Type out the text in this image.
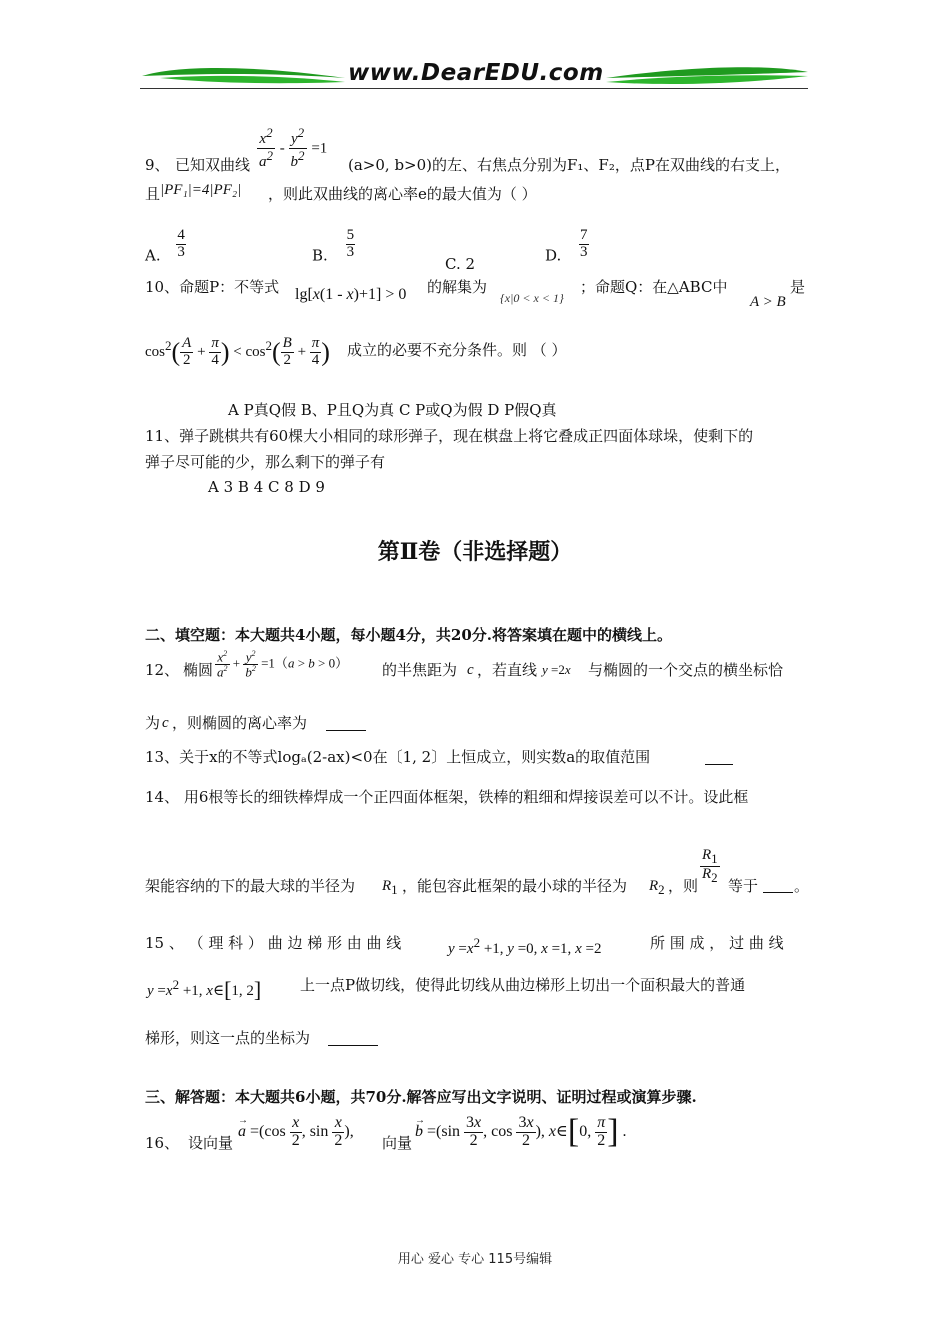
www.DearEDU.com
9、 已知双曲线 $\frac{x^2}{a^2} - \frac{y^2}{b^2} =1$
(a>0, b>0)的左、右焦点分别为F₁、F₂，点P在双曲线的右支上，
且 |PF₁|=4|PF₂| ，则此双曲线的离心率e的最大值为（ ）
A. $\frac{4}{3}$	B. $\frac{5}{3}$
C. 2	D. $\frac{7}{3}$
10、命题P：不等式 lg[x(1 - x)+1] > 0 的解集为
{x|0 < x < 1}
；命题Q：在△ABC中
A > B
是
$\cos^2( \frac{A}{2} + \frac{\pi}{4}$ ) < $\cos^2( \frac{B}{2} + \frac{\pi}{4}$ ) 成立的必要不充分条件。则 （ ）
A P真Q假 B、P且Q为真 C P或Q为假 D P假Q真
11、弹子跳棋共有60棵大小相同的球形弹子，现在棋盘上将它叠成正四面体球垛，使剩下的
弹子尽可能的少，那么剩下的弹子有
A 3 B 4 C 8 D 9
第Ⅱ卷（非选择题）
二、填空题：本大题共4小题，每小题4分，共20分.将答案填在题中的横线上。
12、 椭圆 $\frac{x^2}{a^2} + \frac{y^2}{b^2} =1(a > b > 0)$ 的半焦距为 c ，若直线 y =2x 与椭圆的一个交点的横坐标恰
为 c ，则椭圆的离心率为
13、关于x的不等式logₐ(2-ax)<0在〔1, 2〕上恒成立，则实数a的取值范围
14、 用6根等长的细铁棒焊成一个正四面体框架，铁棒的粗细和焊接误差可以不计。设此框
架能容纳的下的最大球的半径为 $R_1$ ，能包容此框架的最小球的半径为 $R_2$ ，则
$\frac{R_1}{R_2}$
等于 。
15 、 （ 理 科 ） 曲 边 梯 形 由 曲 线	$y =x^2 +1$, y =0, x =1, x =2	所 围 成 ， 过 曲 线
$y =x^2 +1$, x∈[1, 2]	上一点P做切线，使得此切线从曲边梯形上切出一个面积最大的普通
梯形，则这一点的坐标为
三、解答题：本大题共6小题，共70分.解答应写出文字说明、证明过程或演算步骤.
16、 设向量
a
→
$=(\cos \frac{x}{2}$ , $\sin \frac{x}{2}$ ),
向量
b
→
$=(\sin \frac{3x}{2}$ , $\cos \frac{3x}{2}$ ), x∈[0, $\frac{\pi}{2}$ ] .
用心 爱心 专心 115号编辑
